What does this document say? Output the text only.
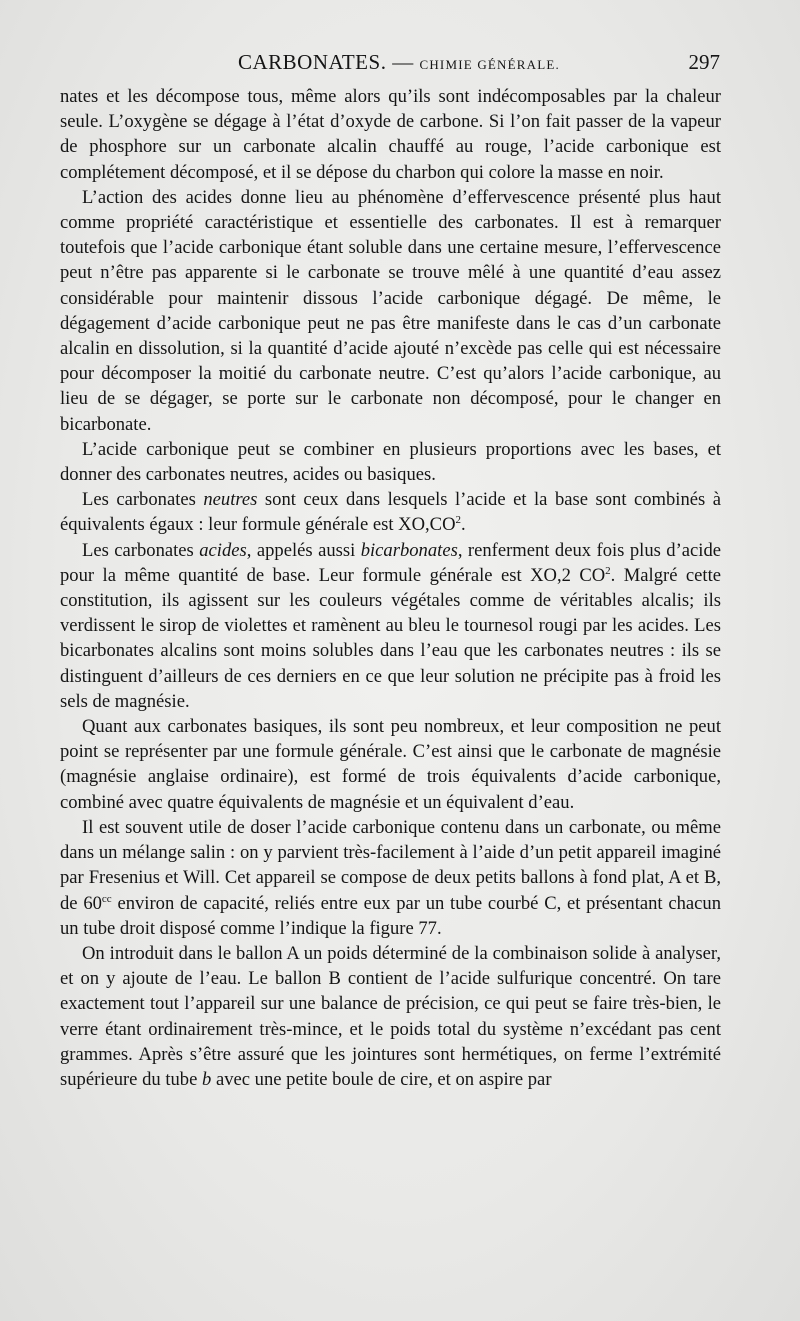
CARBONATES. — CHIMIE GÉNÉRALE.	297

nates et les décompose tous, même alors qu’ils sont indécomposables par la chaleur seule. L’oxygène se dégage à l’état d’oxyde de carbone. Si l’on fait passer de la vapeur de phosphore sur un carbonate alcalin chauffé au rouge, l’acide carbonique est complétement décomposé, et il se dépose du charbon qui colore la masse en noir.

L’action des acides donne lieu au phénomène d’effervescence présenté plus haut comme propriété caractéristique et essentielle des carbonates. Il est à remarquer toutefois que l’acide carbonique étant soluble dans une certaine mesure, l’effervescence peut n’être pas apparente si le carbonate se trouve mêlé à une quantité d’eau assez considérable pour maintenir dissous l’acide carbonique dégagé. De même, le dégagement d’acide carbonique peut ne pas être manifeste dans le cas d’un carbonate alcalin en dissolution, si la quantité d’acide ajouté n’excède pas celle qui est nécessaire pour décomposer la moitié du carbonate neutre. C’est qu’alors l’acide carbonique, au lieu de se dégager, se porte sur le carbonate non décomposé, pour le changer en bicarbonate.

L’acide carbonique peut se combiner en plusieurs proportions avec les bases, et donner des carbonates neutres, acides ou basiques.

Les carbonates neutres sont ceux dans lesquels l’acide et la base sont combinés à équivalents égaux : leur formule générale est $XO,CO^2$.

Les carbonates acides, appelés aussi bicarbonates, renferment deux fois plus d’acide pour la même quantité de base. Leur formule générale est XO,2 $CO^2$. Malgré cette constitution, ils agissent sur les couleurs végétales comme de véritables alcalis; ils verdissent le sirop de violettes et ramènent au bleu le tournesol rougi par les acides. Les bicarbonates alcalins sont moins solubles dans l’eau que les carbonates neutres : ils se distinguent d’ailleurs de ces derniers en ce que leur solution ne précipite pas à froid les sels de magnésie.

Quant aux carbonates basiques, ils sont peu nombreux, et leur composition ne peut point se représenter par une formule générale. C’est ainsi que le carbonate de magnésie (magnésie anglaise ordinaire), est formé de trois équivalents d’acide carbonique, combiné avec quatre équivalents de magnésie et un équivalent d’eau.

Il est souvent utile de doser l’acide carbonique contenu dans un carbonate, ou même dans un mélange salin : on y parvient très-facilement à l’aide d’un petit appareil imaginé par Fresenius et Will. Cet appareil se compose de deux petits ballons à fond plat, A et B, de $60^{cc}$ environ de capacité, reliés entre eux par un tube courbé C, et présentant chacun un tube droit disposé comme l’indique la figure 77.

On introduit dans le ballon A un poids déterminé de la combinaison solide à analyser, et on y ajoute de l’eau. Le ballon B contient de l’acide sulfurique concentré. On tare exactement tout l’appareil sur une balance de précision, ce qui peut se faire très-bien, le verre étant ordinairement très-mince, et le poids total du système n’excédant pas cent grammes. Après s’être assuré que les jointures sont hermétiques, on ferme l’extrémité supérieure du tube b avec une petite boule de cire, et on aspire par
